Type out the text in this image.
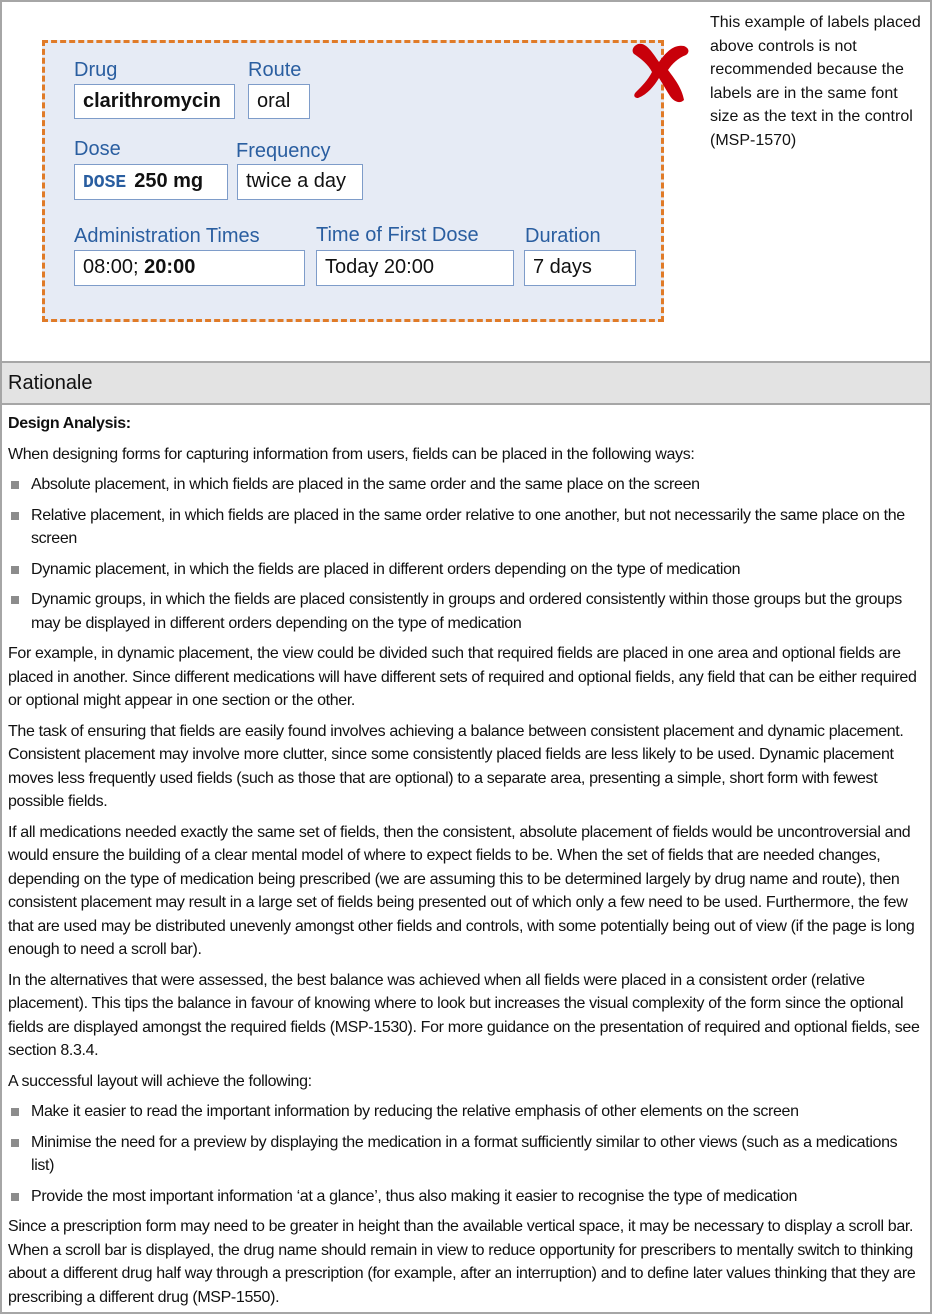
Drug
clarithromycin
Route
oral
Dose
DOSE 250 mg
Frequency
twice a day
Administration Times
08:00; 20:00
Time of First Dose
Today 20:00
Duration
7 days

This example of labels placed above controls is not recommended because the labels are in the same font size as the text in the control (MSP-1570)

Rationale
Design Analysis:

When designing forms for capturing information from users, fields can be placed in the following ways:

Absolute placement, in which fields are placed in the same order and the same place on the screen
Relative placement, in which fields are placed in the same order relative to one another, but not necessarily the same place on the screen
Dynamic placement, in which the fields are placed in different orders depending on the type of medication
Dynamic groups, in which the fields are placed consistently in groups and ordered consistently within those groups but the groups may be displayed in different orders depending on the type of medication

For example, in dynamic placement, the view could be divided such that required fields are placed in one area and optional fields are placed in another. Since different medications will have different sets of required and optional fields, any field that can be either required or optional might appear in one section or the other.

The task of ensuring that fields are easily found involves achieving a balance between consistent placement and dynamic placement. Consistent placement may involve more clutter, since some consistently placed fields are less likely to be used. Dynamic placement moves less frequently used fields (such as those that are optional) to a separate area, presenting a simple, short form with fewest possible fields.

If all medications needed exactly the same set of fields, then the consistent, absolute placement of fields would be uncontroversial and would ensure the building of a clear mental model of where to expect fields to be. When the set of fields that are needed changes, depending on the type of medication being prescribed (we are assuming this to be determined largely by drug name and route), then consistent placement may result in a large set of fields being presented out of which only a few need to be used. Furthermore, the few that are used may be distributed unevenly amongst other fields and controls, with some potentially being out of view (if the page is long enough to need a scroll bar).

In the alternatives that were assessed, the best balance was achieved when all fields were placed in a consistent order (relative placement). This tips the balance in favour of knowing where to look but increases the visual complexity of the form since the optional fields are displayed amongst the required fields (MSP-1530). For more guidance on the presentation of required and optional fields, see section 8.3.4.

A successful layout will achieve the following:

Make it easier to read the important information by reducing the relative emphasis of other elements on the screen
Minimise the need for a preview by displaying the medication in a format sufficiently similar to other views (such as a medications list)
Provide the most important information ‘at a glance’, thus also making it easier to recognise the type of medication

Since a prescription form may need to be greater in height than the available vertical space, it may be necessary to display a scroll bar. When a scroll bar is displayed, the drug name should remain in view to reduce opportunity for prescribers to mentally switch to thinking about a different drug half way through a prescription (for example, after an interruption) and to define later values thinking that they are prescribing a different drug (MSP-1550).
